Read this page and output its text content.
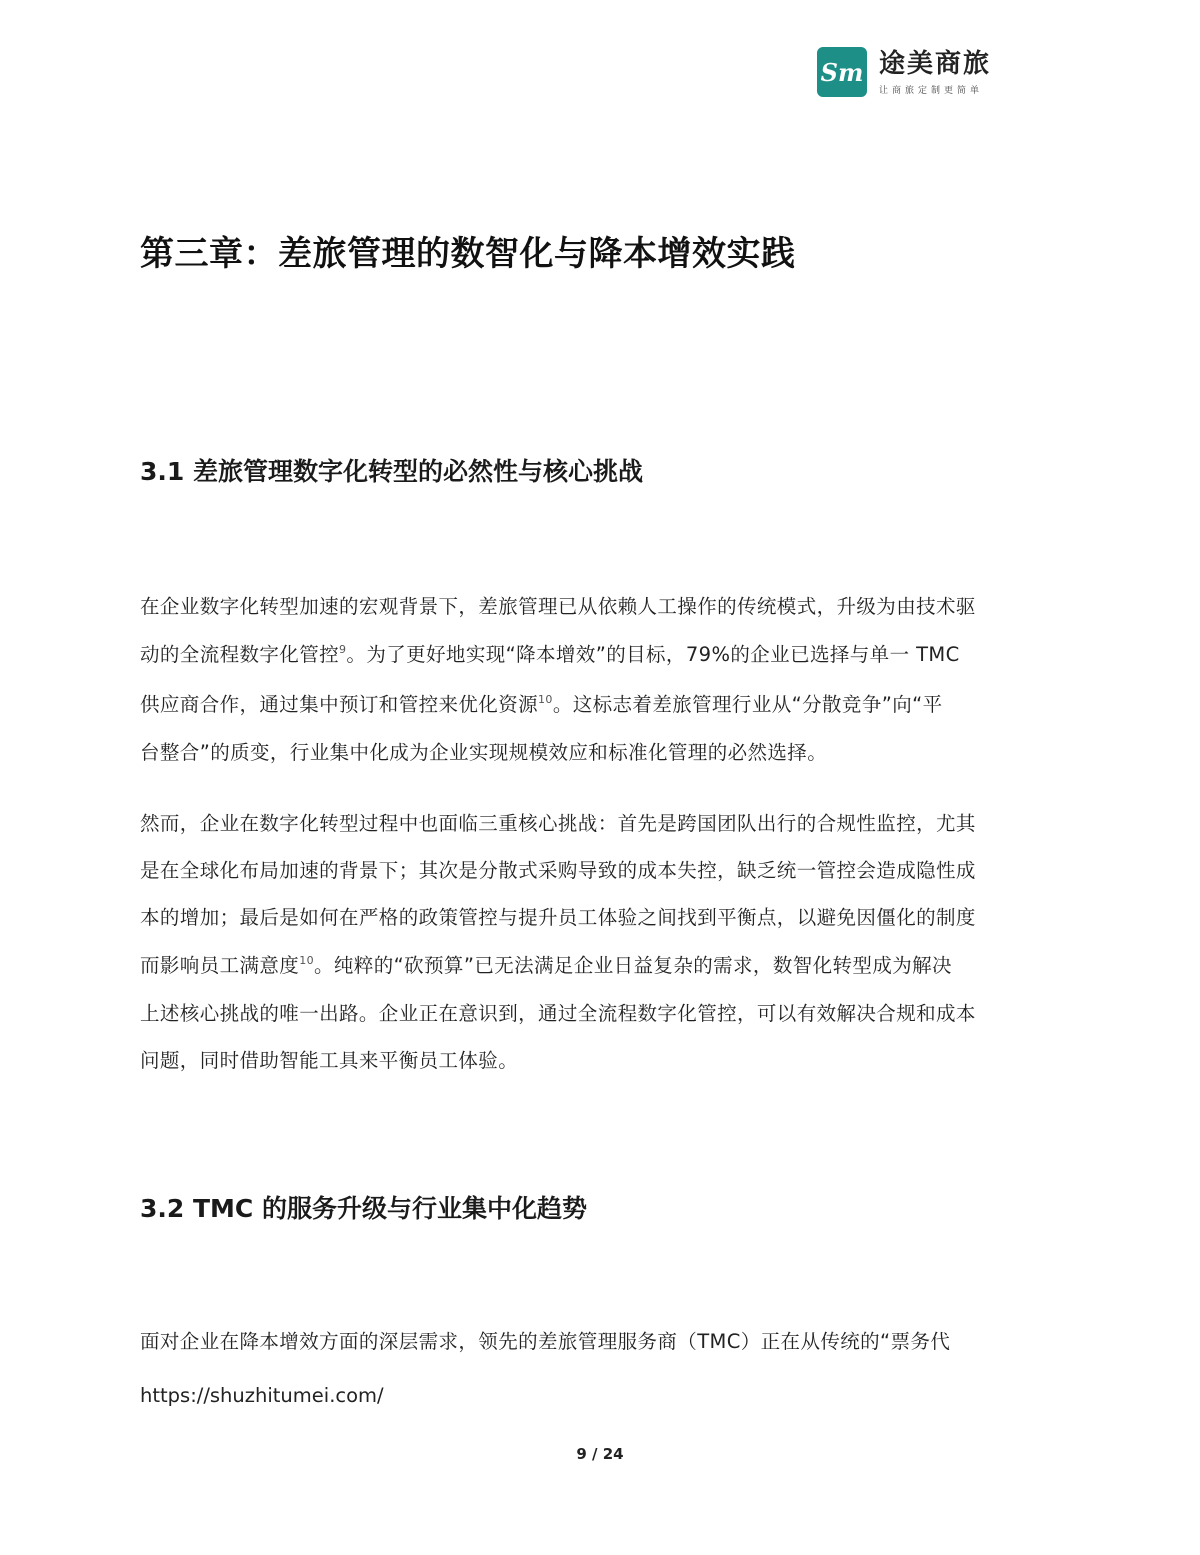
Sm 途美商旅
让商旅定制更简单
第三章：差旅管理的数智化与降本增效实践
3.1 差旅管理数字化转型的必然性与核心挑战
3.2 TMC 的服务升级与行业集中化趋势
在企业数字化转型加速的宏观背景下，差旅管理已从依赖人工操作的传统模式，升级为由技术驱
动的全流程数字化管控$^9$。为了更好地实现“降本增效”的目标，79%的企业已选择与单一 TMC
供应商合作，通过集中预订和管控来优化资源$^{10}$。这标志着差旅管理行业从“分散竞争”向“平
台整合”的质变，行业集中化成为企业实现规模效应和标准化管理的必然选择。
然而，企业在数字化转型过程中也面临三重核心挑战：首先是跨国团队出行的合规性监控，尤其
是在全球化布局加速的背景下；其次是分散式采购导致的成本失控，缺乏统一管控会造成隐性成
本的增加；最后是如何在严格的政策管控与提升员工体验之间找到平衡点，以避免因僵化的制度
而影响员工满意度$^{10}$。纯粹的“砍预算”已无法满足企业日益复杂的需求，数智化转型成为解决
上述核心挑战的唯一出路。企业正在意识到，通过全流程数字化管控，可以有效解决合规和成本
问题，同时借助智能工具来平衡员工体验。
面对企业在降本增效方面的深层需求，领先的差旅管理服务商（TMC）正在从传统的“票务代
https://shuzhitumei.com/
9 / 24
